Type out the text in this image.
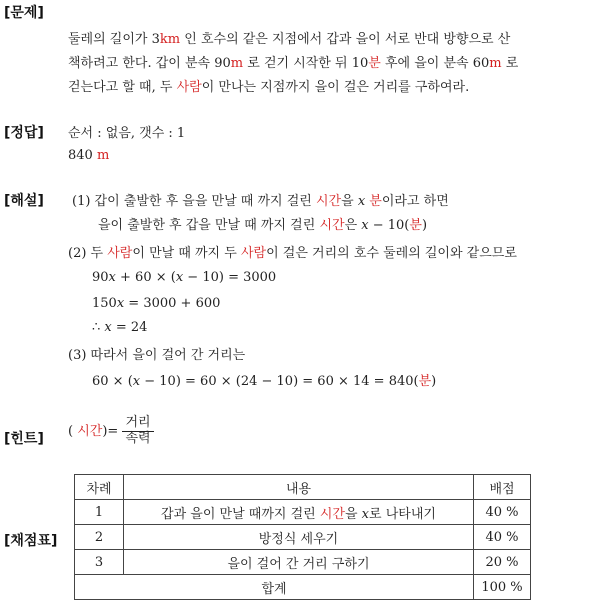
[문제]
둘레의 길이가 3km 인 호수의 같은 지점에서 갑과 을이 서로 반대 방향으로 산
책하려고 한다. 갑이 분속 90m 로 걷기 시작한 뒤 10분 후에 을이 분속 60m 로
걷는다고 할 때, 두 사람이 만나는 지점까지 을이 걸은 거리를 구하여라.
[정답] 순서 : 없음, 갯수 : 1
840 m
[해설] (1) 갑이 출발한 후 을을 만날 때 까지 걸린 시간을 x 분이라고 하면
을이 출발한 후 갑을 만날 때 까지 걸린 시간은 x − 10(분)
(2) 두 사람이 만날 때 까지 두 사람이 걸은 거리의 호수 둘레의 길이와 같으므로
90x + 60 × (x − 10) = 3000
150x = 3000 + 600
∴ x = 24
(3) 따라서 을이 걸어 간 거리는
60 × (x − 10) = 60 × (24 − 10) = 60 × 14 = 840(분)
[힌트] ( 시간)= $\frac{\text{거리}}{\text{속력}}$
[채점표]
차례	내용	배점
1	갑과 을이 만날 때까지 걸린 시간을 x로 나타내기	40 %
2	방정식 세우기	40 %
3	을이 걸어 간 거리 구하기	20 %
합계		100 %
